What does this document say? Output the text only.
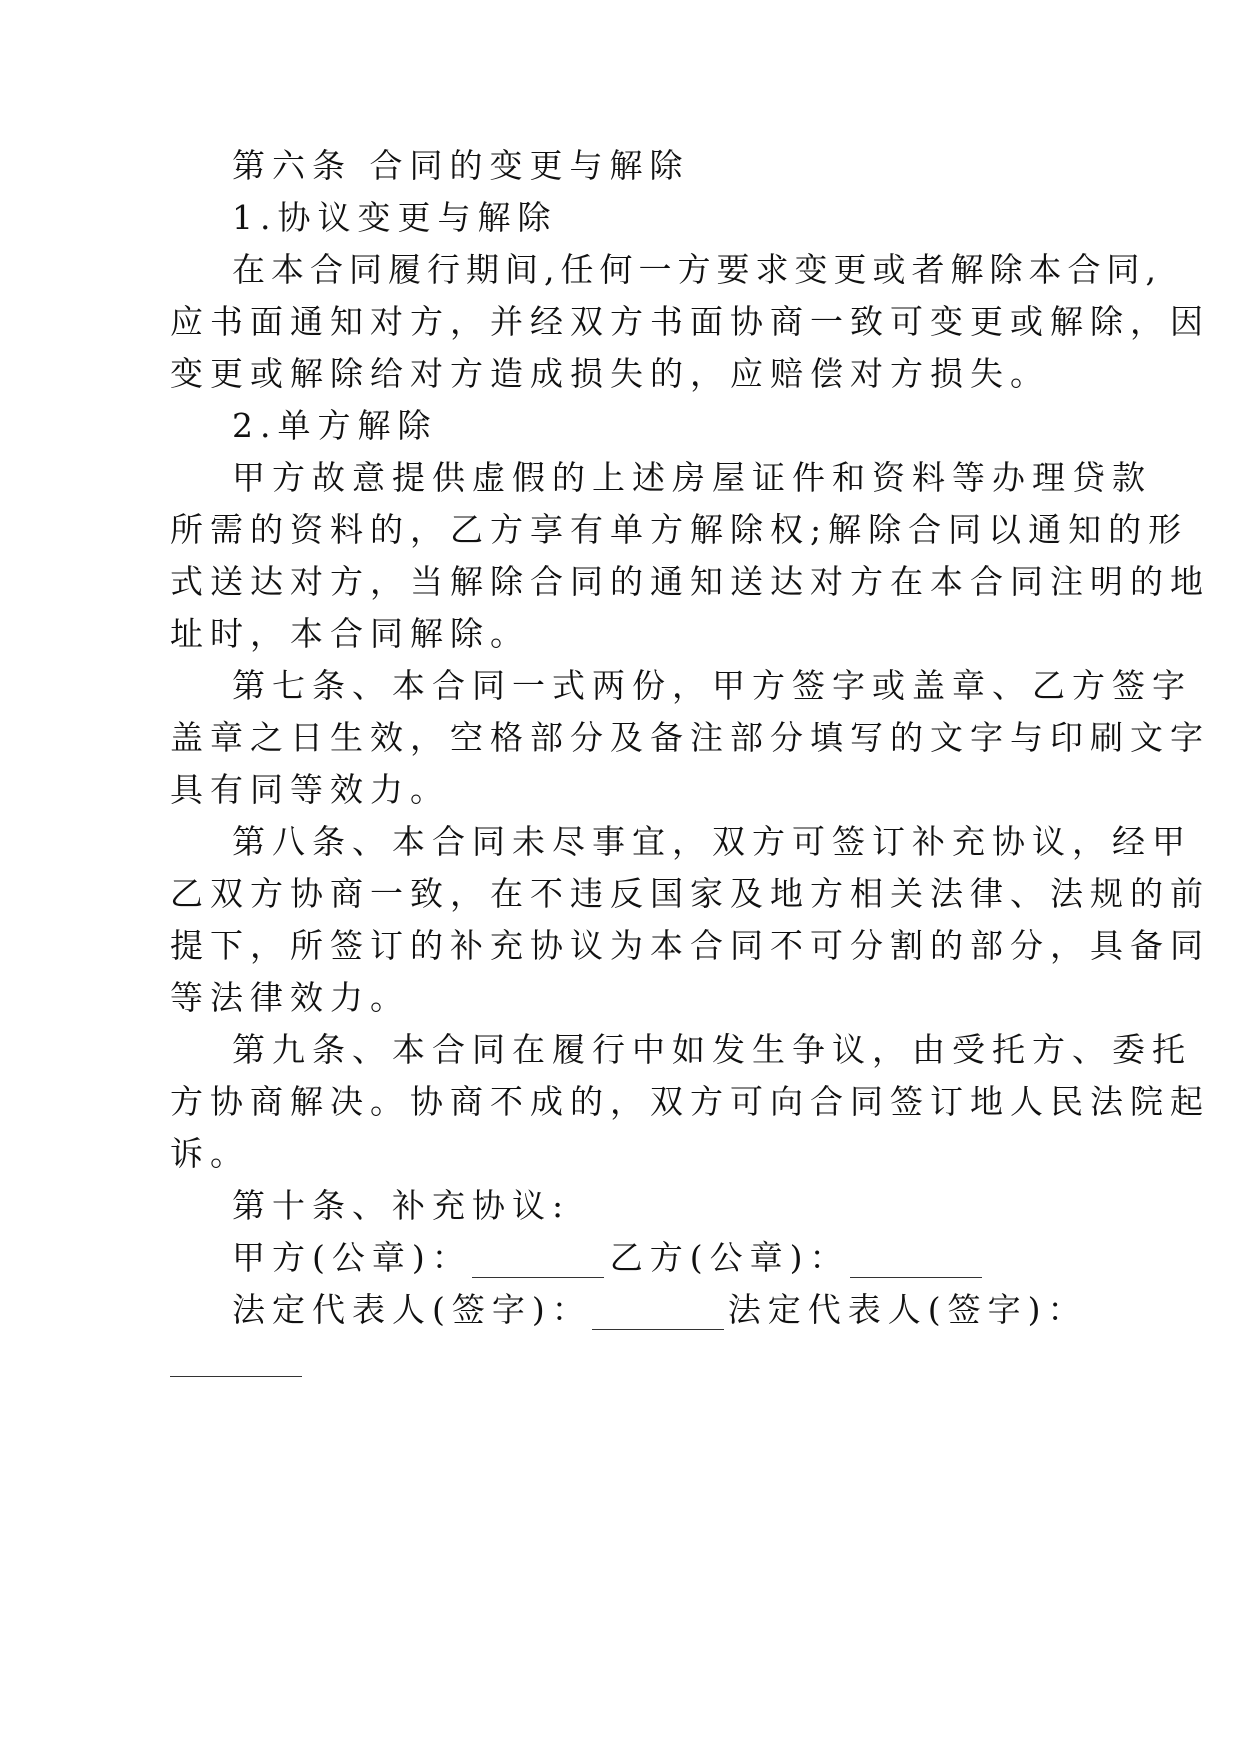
第六条 合同的变更与解除
1.协议变更与解除
在本合同履行期间,任何一方要求变更或者解除本合同,
应书面通知对方，并经双方书面协商一致可变更或解除，因
变更或解除给对方造成损失的，应赔偿对方损失。
2.单方解除
甲方故意提供虚假的上述房屋证件和资料等办理贷款
所需的资料的，乙方享有单方解除权;解除合同以通知的形
式送达对方，当解除合同的通知送达对方在本合同注明的地
址时，本合同解除。
第七条、本合同一式两份，甲方签字或盖章、乙方签字
盖章之日生效，空格部分及备注部分填写的文字与印刷文字
具有同等效力。
第八条、本合同未尽事宜，双方可签订补充协议，经甲
乙双方协商一致，在不违反国家及地方相关法律、法规的前
提下，所签订的补充协议为本合同不可分割的部分，具备同
等法律效力。
第九条、本合同在履行中如发生争议，由受托方、委托
方协商解决。协商不成的，双方可向合同签订地人民法院起
诉。
第十条、补充协议:
甲方(公章)：	乙方(公章)：
法定代表人(签字)：	法定代表人(签字)：
